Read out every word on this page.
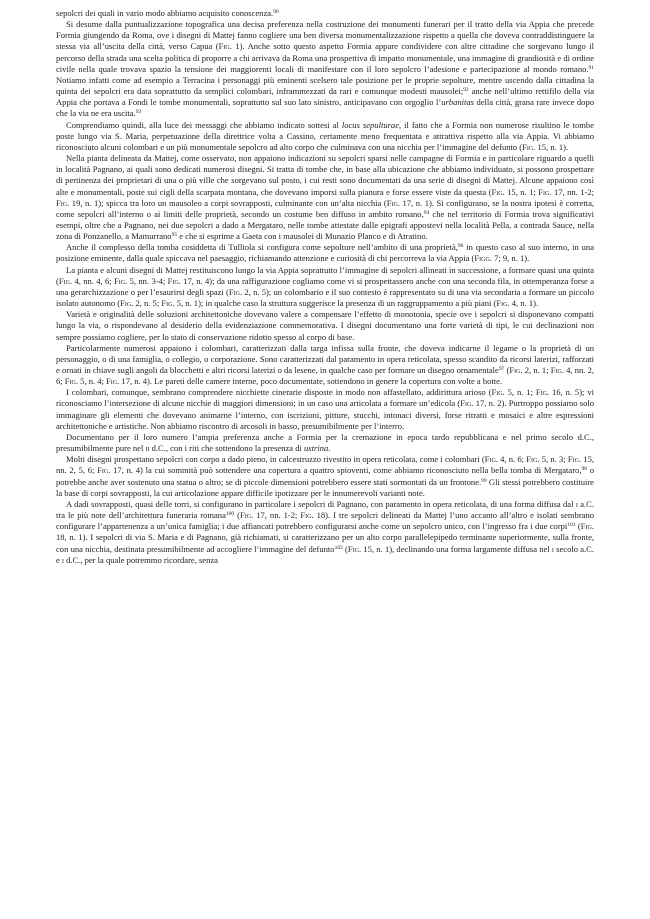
sepolcri dei quali in vario modo abbiamo acquisito conoscenza.$^{90}$

Si desume dalla puntualizzazione topografica una decisa preferenza nella costruzione dei monumenti funerari per il tratto della via Appia che precede Formia giungendo da Roma, ove i disegni di Mattej fanno cogliere una ben diversa monumentalizzazione rispetto a quella che doveva contraddistinguere la stessa via all’uscita della città, verso Capua (Fig. 1). Anche sotto questo aspetto Formia appare condividere con altre cittadine che sorgevano lungo il percorso della strada una scelta politica di proporre a chi arrivava da Roma una prospettiva di impatto monumentale, una immagine di grandiosità e di ordine civile nella quale trovava spazio la tensione dei maggiorenti locali di manifestare con il loro sepolcro l’adesione e partecipazione al mondo romano.$^{91}$ Notiamo infatti come ad esempio a Terracina i personaggi più eminenti scelsero tale posizione per le proprie sepolture, mentre uscendo dalla cittadina la quinta dei sepolcri era data soprattutto da semplici colombari, inframmezzati da rari e comunque modesti mausolei;$^{92}$ anche nell’ultimo rettifilo della via Appia che portava a Fondi le tombe monumentali, soprattutto sul suo lato sinistro, anticipavano con orgoglio l’urbanitas della città, grana rare invece dopo che la via ne era uscita.$^{93}$

Comprendiamo quindi, alla luce dei messaggi che abbiamo indicato sottesi al locus sepulturae, il fatto che a Formia non numerose risultino le tombe poste lungo via S. Maria, perpetuazione della direttrice volta a Cassino, certamente meno frequentata e attrattiva rispetto alla via Appia. Vi abbiamo riconosciuto alcuni colombari e un più monumentale sepolcro ad alto corpo che culminava con una nicchia per l’immagine del defunto (Fig. 15, n. 1).

Nella pianta delineata da Mattej, come osservato, non appaiono indicazioni su sepolcri sparsi nelle campagne di Formia e in particolare riguardo a quelli in località Pagnano, ai quali sono dedicati numerosi disegni. Si tratta di tombe che, in base alla ubicazione che abbiamo individuato, si possono prospettare di pertinenza dei proprietari di una o più ville che sorgevano sul posto, i cui resti sono documentati da una serie di disegni di Mattej. Alcune appaiono così alte e monumentali, poste sui cigli della scarpata montana, che dovevano imporsi sulla pianura e forse essere viste da questa (Fig. 15, n. 1; Fig. 17, nn. 1-2; Fig. 19, n. 1); spicca tra loro un mausoleo a corpi sovrapposti, culminante con un’alta nicchia (Fig. 17, n. 1). Si configurano, se la nostra ipotesi è corretta, come sepolcri all’interno o ai limiti delle proprietà, secondo un costume ben diffuso in ambito romano,$^{94}$ che nel territorio di Formia trova significativi esempi, oltre che a Pagnano, nei due sepolcri a dado a Mergataro, nelle tombe attestate dalle epigrafi appostevi nella località Pella, a contrada Sauce, nella zona di Ponzanello, a Mamurrano$^{95}$ e che si esprime a Gaeta con i mausolei di Munazio Planco e di Atratino.

Anche il complesso della tomba cosiddetta di Tulliola si configura come sepolture nell’ambito di una proprietà,$^{96}$ in questo caso al suo interno, in una posizione eminente, dalla quale spiccava nel paesaggio, richiamando attenzione e curiosità di chi percorreva la via Appia (Figg. 7; 9, n. 1).

La pianta e alcuni disegni di Mattej restituiscono lungo la via Appia soprattutto l’immagine di sepolcri allineati in successione, a formare quasi una quinta (Fig. 4, nn. 4, 6; Fig. 5, nn. 3-4; Fig. 17, n. 4); da una raffigurazione cogliamo come vi si prospettassero anche con una seconda fila, in ottemperanza forse a una gerarchizzazione o per l’esaurirsi degli spazi (Fig. 2, n. 5); un colombario e il suo contesto è rappresentato su di una via secondaria a formare un piccolo isolato autonomo (Fig. 2, n. 5; Fig. 5, n. 1); in qualche caso la struttura suggerisce la presenza di un raggruppamento a più piani (Fig. 4, n. 1).

Varietà e originalità delle soluzioni architettoniche dovevano valere a compensare l’effetto di monotonia, specie ove i sepolcri si disponevano compatti lungo la via, o rispondevano al desiderio della evidenziazione commemorativa. I disegni documentano una forte varietà di tipi, le cui declinazioni non sempre possiamo cogliere, per lo stato di conservazione ridotto spesso al corpo di base.

Particolarmente numerosi appaiono i colombari, caratterizzati dalla targa infissa sulla fronte, che doveva indicarne il legame o la proprietà di un personaggio, o di una famiglia, o collegio, o corporazione. Sono caratterizzati dal paramento in opera reticolata, spesso scandito da ricorsi laterizi, rafforzati e ornati in chiave sugli angoli da blocchetti e altri ricorsi laterizi o da lesene, in qualche caso per formare un disegno ornamentale$^{97}$ (Fig. 2, n. 1; Fig. 4, nn. 2, 6; Fig. 5, n. 4; Fig. 17, n. 4). Le pareti delle camere interne, poco documentate, sottendono in genere la copertura con volte a botte.

I colombari, comunque, sembrano comprendere nicchiette cinerarie disposte in modo non affastellato, addirittura arioso (Fig. 5, n. 1; Fig. 16, n. 5); vi riconosciamo l’intersezione di alcune nicchie di maggiori dimensioni; in un caso una articolata a formare un’edicola (Fig. 17, n. 2). Purtroppo possiamo solo immaginare gli elementi che dovevano animarne l’interno, con iscrizioni, pitture, stucchi, intonaci diversi, forse ritratti e mosaici e altre espressioni architettoniche e artistiche. Non abbiamo riscontro di arcosoli in basso, presumibilmente per l’interro.

Documentano per il loro numero l’ampia preferenza anche a Formia per la cremazione in epoca tardo repubblicana e nel primo secolo d.C., presumibilmente pure nel ii d.C., con i riti che sottendono la presenza di ustrina.

Molti disegni prospettano sepolcri con corpo a dado pieno, in calcestruzzo rivestito in opera reticolata, come i colombari (Fig. 4, n. 6; Fig. 5, n. 3; Fig. 15, nn. 2, 5, 6; Fig. 17, n. 4) la cui sommità può sottendere una copertura a quattro spioventi, come abbiamo riconosciuto nella bella tomba di Mergataro,$^{98}$ o potrebbe anche aver sostenuto una statua o altro; se di piccole dimensioni potrebbero essere stati sormontati da un frontone.$^{99}$ Gli stessi potrebbero costituire la base di corpi sovrapposti, la cui articolazione appare difficile ipotizzare per le innumerevoli varianti note.

A dadi sovrapposti, quasi delle torri, si configurano in particolare i sepolcri di Pagnano, con paramento in opera reticolata, di una forma diffusa dal i a.C. tra le più note dell’architettura funeraria romana$^{100}$ (Fig. 17, nn. 1-2; Fig. 18). I tre sepolcri delineati da Mattej l’uno accanto all’altro e isolati sembrano configurare l’appartenenza a un’unica famiglia; i due affiancati potrebbero configurarsi anche come un sepolcro unico, con l’ingresso fra i due corpi$^{101}$ (Fig. 18, n. 1). I sepolcri di via S. Maria e di Pagnano, già richiamati, si caratterizzano per un alto corpo parallelepipedo terminante superiormente, sulla fronte, con una nicchia, destinata presumibilmente ad accogliere l’immagine del defunto$^{102}$ (Fig. 15, n. 1), declinando una forma largamente diffusa nel i secolo a.C. e i d.C., per la quale potremmo ricordare, senza
